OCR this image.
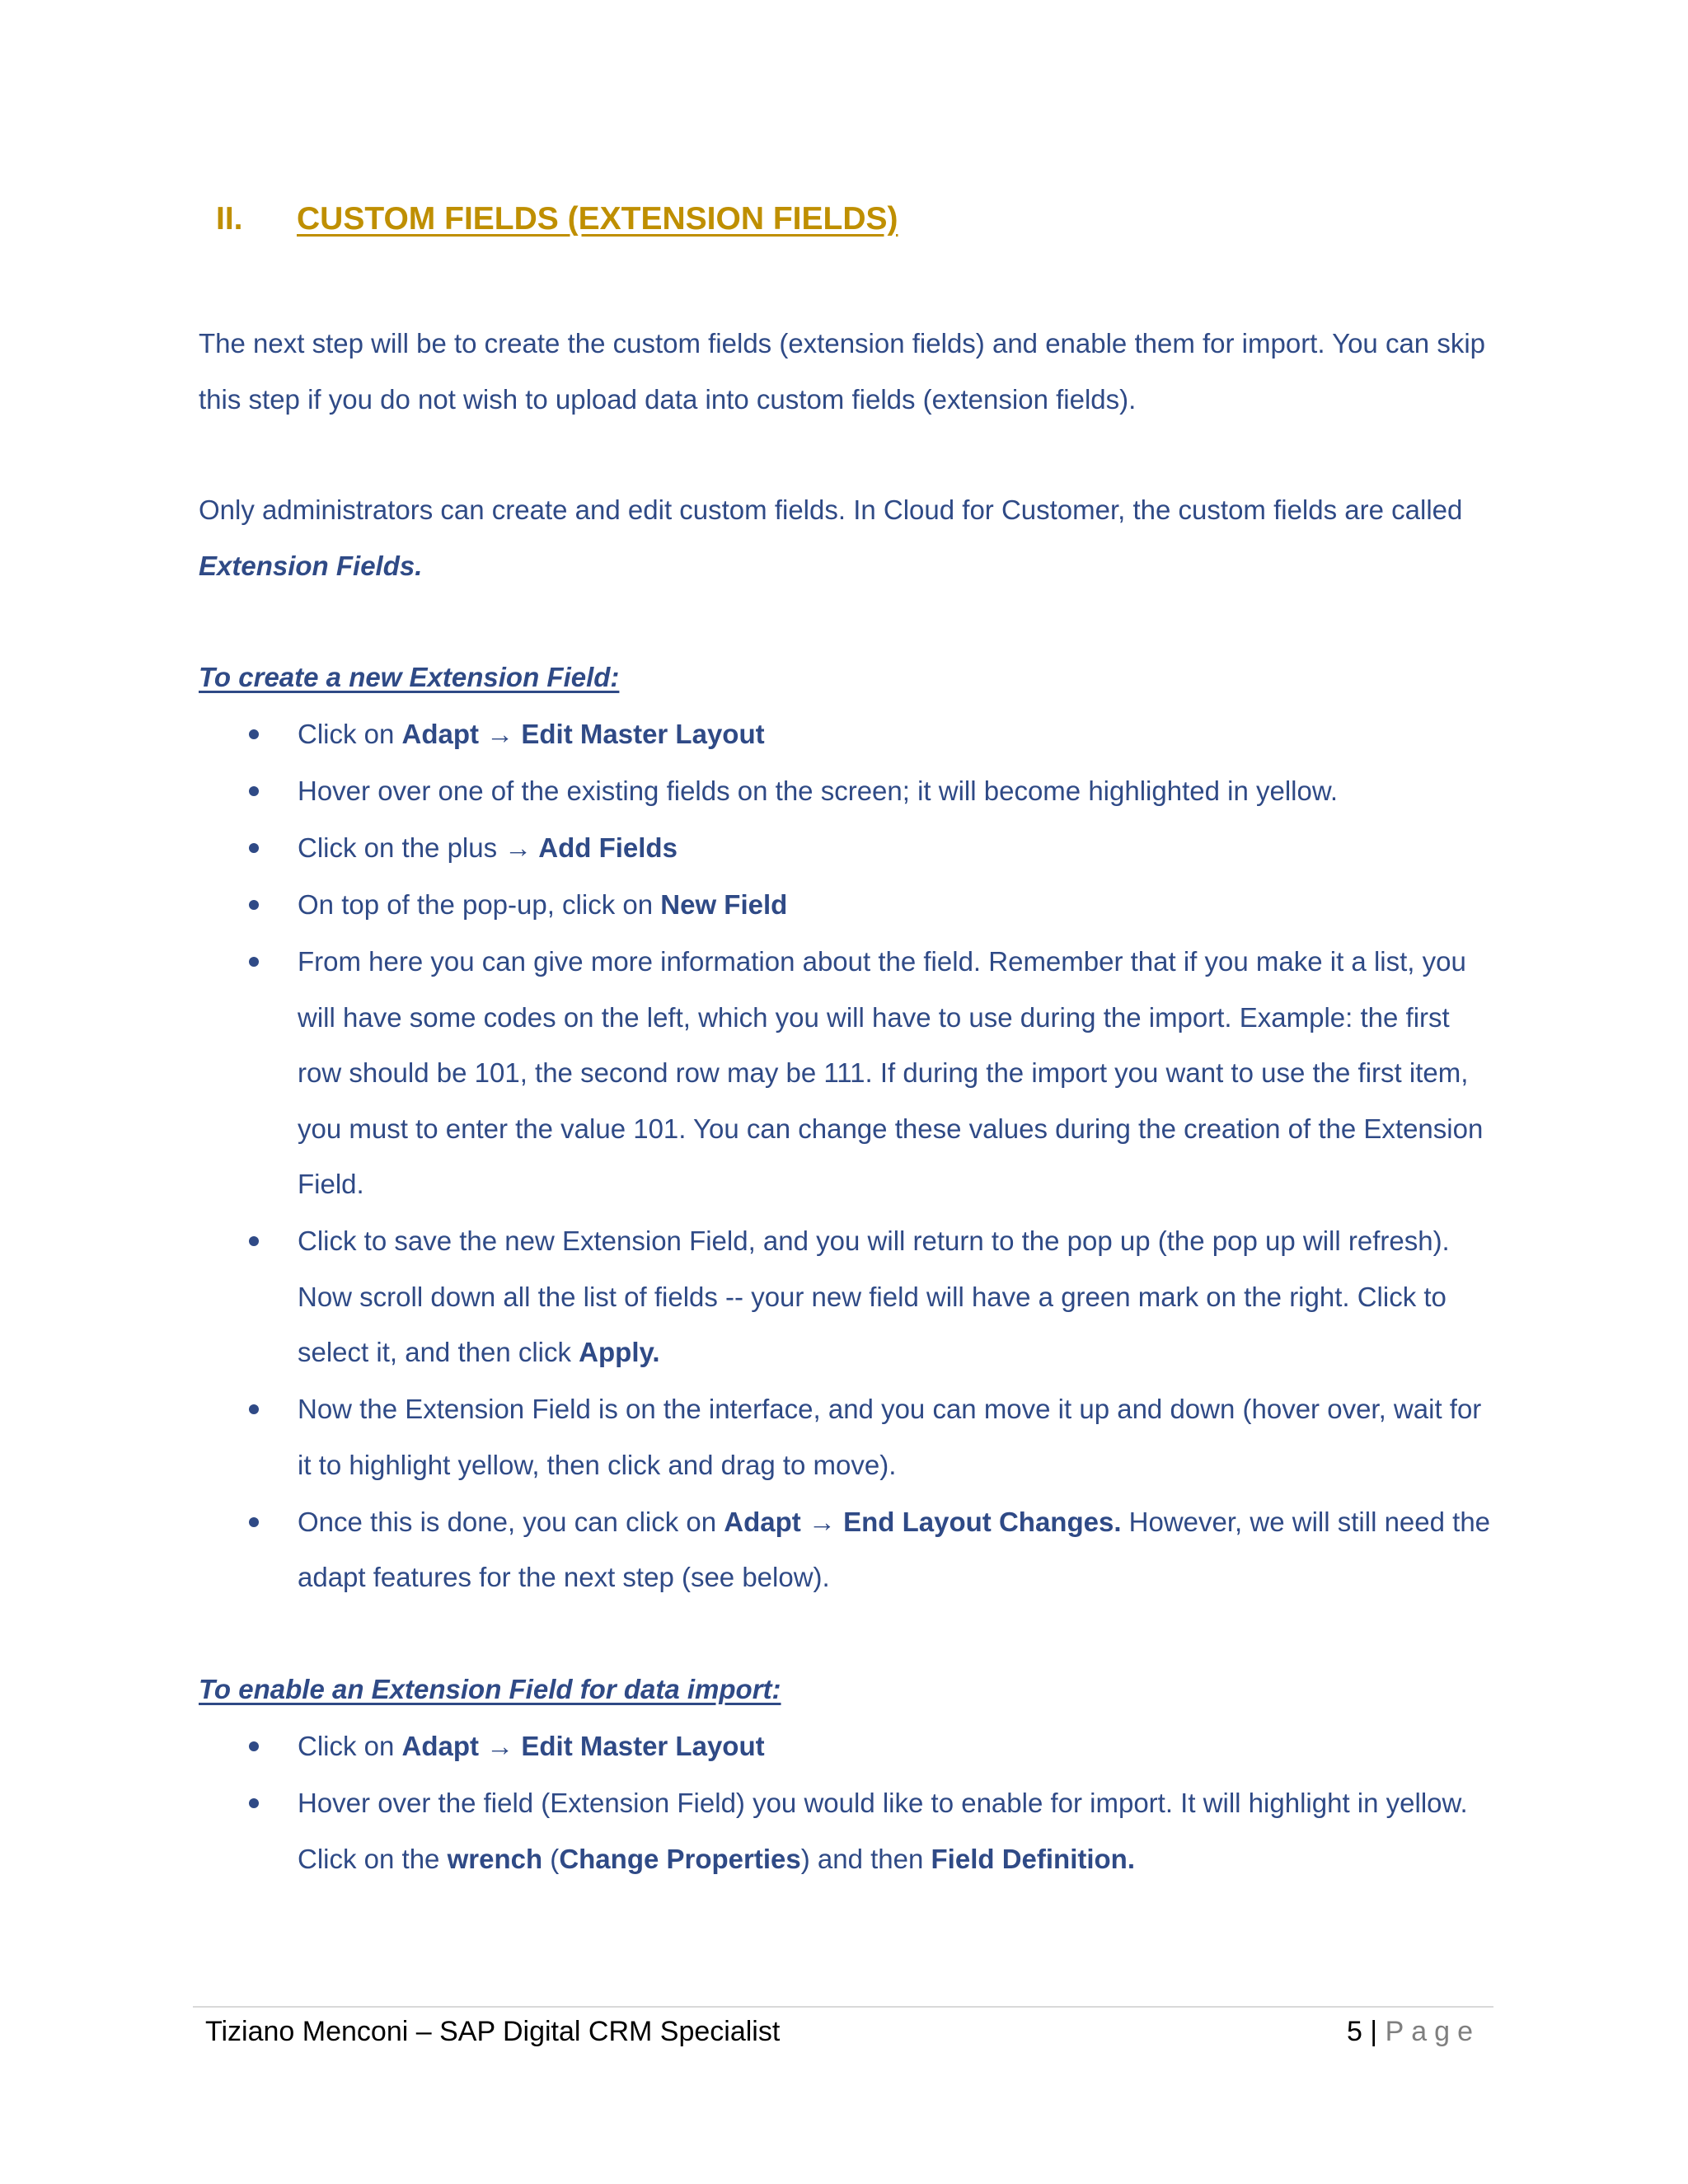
II. CUSTOM FIELDS (EXTENSION FIELDS)
The next step will be to create the custom fields (extension fields) and enable them for import. You can skip this step if you do not wish to upload data into custom fields (extension fields).
Only administrators can create and edit custom fields. In Cloud for Customer, the custom fields are called Extension Fields.
To create a new Extension Field:
Click on Adapt → Edit Master Layout
Hover over one of the existing fields on the screen; it will become highlighted in yellow.
Click on the plus → Add Fields
On top of the pop-up, click on New Field
From here you can give more information about the field. Remember that if you make it a list, you will have some codes on the left, which you will have to use during the import. Example: the first row should be 101, the second row may be 111. If during the import you want to use the first item, you must to enter the value 101. You can change these values during the creation of the Extension Field.
Click to save the new Extension Field, and you will return to the pop up (the pop up will refresh). Now scroll down all the list of fields -- your new field will have a green mark on the right. Click to select it, and then click Apply.
Now the Extension Field is on the interface, and you can move it up and down (hover over, wait for it to highlight yellow, then click and drag to move).
Once this is done, you can click on Adapt → End Layout Changes. However, we will still need the adapt features for the next step (see below).
To enable an Extension Field for data import:
Click on Adapt → Edit Master Layout
Hover over the field (Extension Field) you would like to enable for import. It will highlight in yellow. Click on the wrench (Change Properties) and then Field Definition.
Tiziano Menconi – SAP Digital CRM Specialist	5 | Page
